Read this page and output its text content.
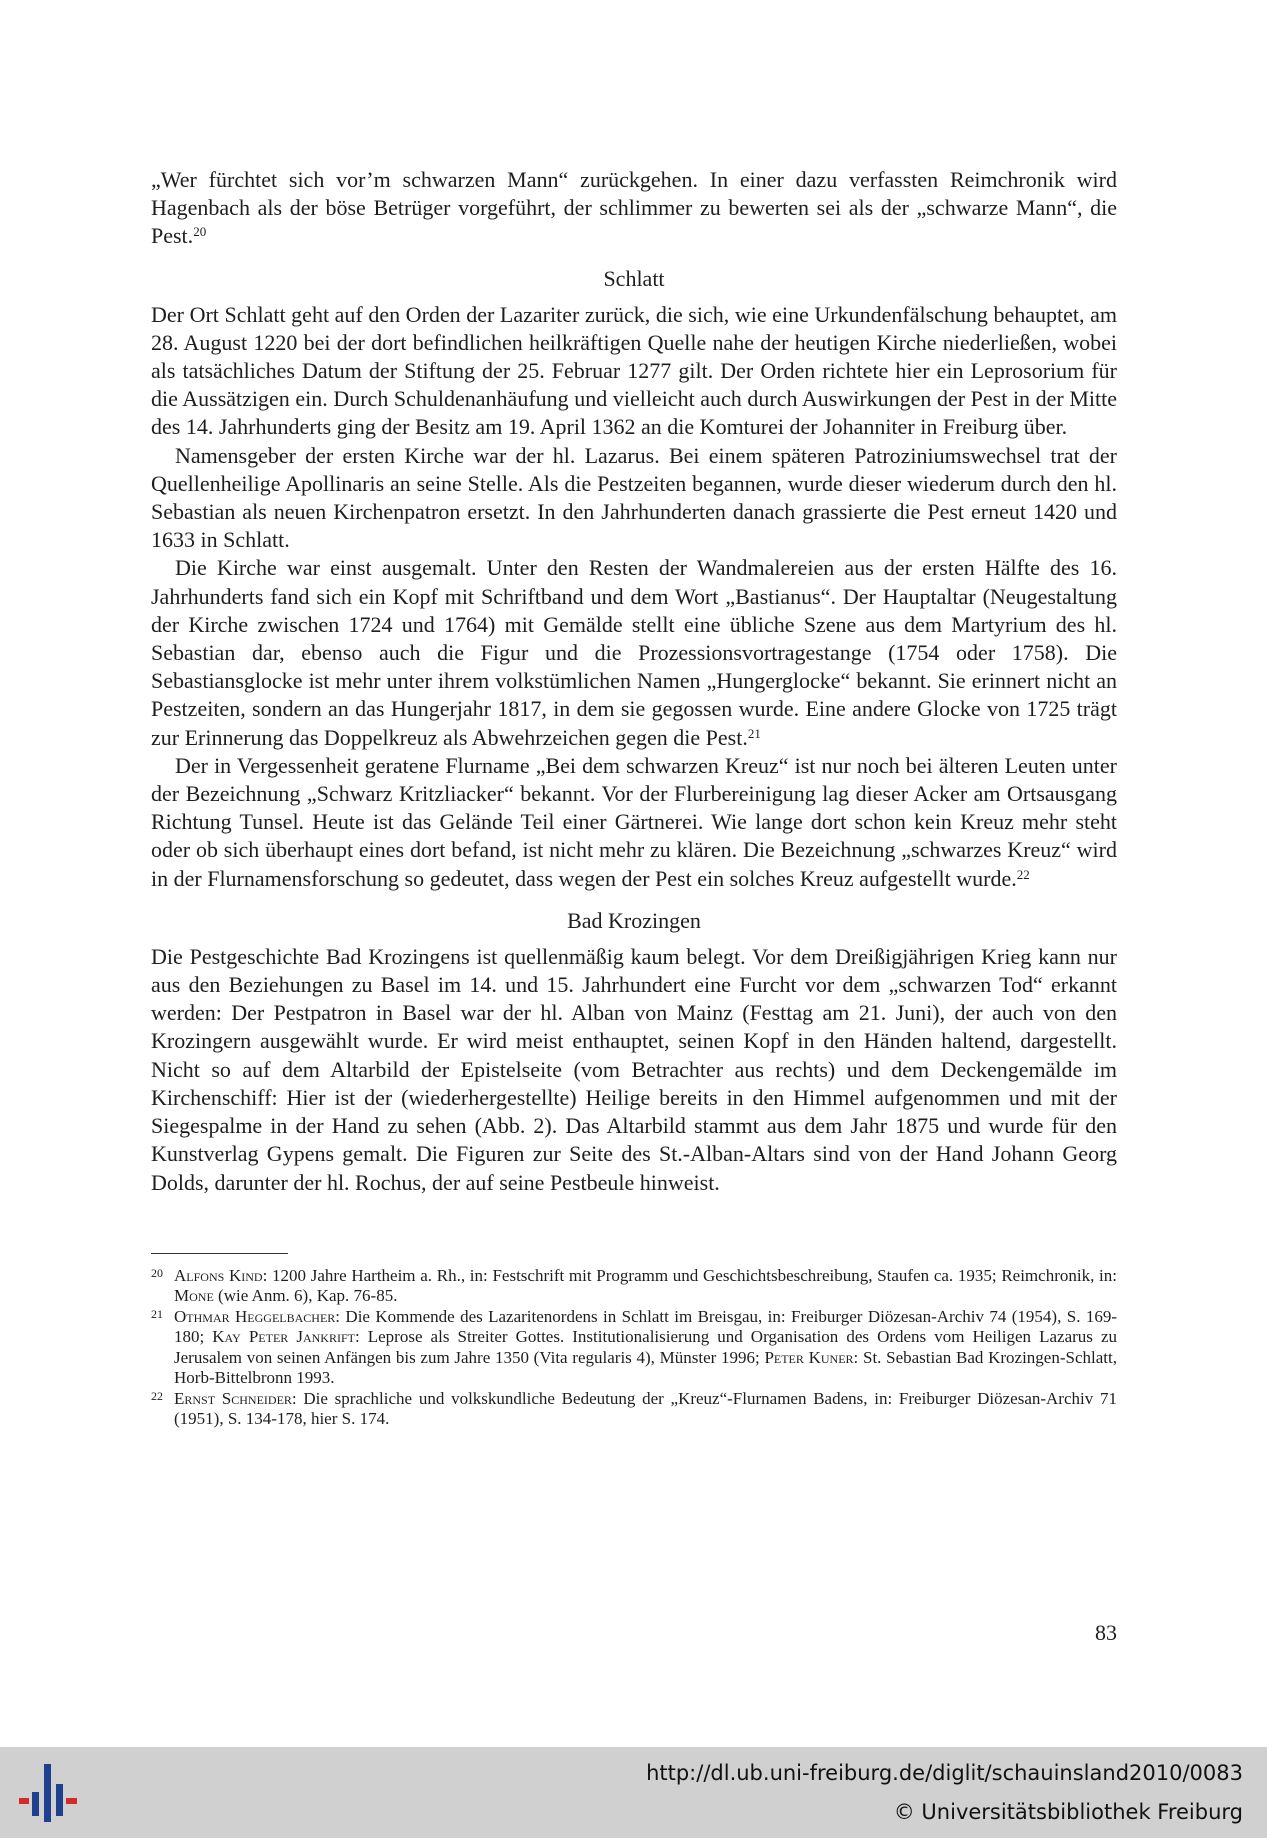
„Wer fürchtet sich vor’m schwarzen Mann“ zurückgehen. In einer dazu verfassten Reimchronik wird Hagenbach als der böse Betrüger vorgeführt, der schlimmer zu bewerten sei als der „schwarze Mann“, die Pest.$^{20}$

Schlatt

Der Ort Schlatt geht auf den Orden der Lazariter zurück, die sich, wie eine Urkundenfälschung behauptet, am 28. August 1220 bei der dort befindlichen heilkräftigen Quelle nahe der heutigen Kirche niederließen, wobei als tatsächliches Datum der Stiftung der 25. Februar 1277 gilt. Der Orden richtete hier ein Leprosorium für die Aussätzigen ein. Durch Schuldenanhäufung und vielleicht auch durch Auswirkungen der Pest in der Mitte des 14. Jahrhunderts ging der Besitz am 19. April 1362 an die Komturei der Johanniter in Freiburg über.

Namensgeber der ersten Kirche war der hl. Lazarus. Bei einem späteren Patroziniumswechsel trat der Quellenheilige Apollinaris an seine Stelle. Als die Pestzeiten begannen, wurde dieser wiederum durch den hl. Sebastian als neuen Kirchenpatron ersetzt. In den Jahrhunderten danach grassierte die Pest erneut 1420 und 1633 in Schlatt.

Die Kirche war einst ausgemalt. Unter den Resten der Wandmalereien aus der ersten Hälfte des 16. Jahrhunderts fand sich ein Kopf mit Schriftband und dem Wort „Bastianus“. Der Hauptaltar (Neugestaltung der Kirche zwischen 1724 und 1764) mit Gemälde stellt eine übliche Szene aus dem Martyrium des hl. Sebastian dar, ebenso auch die Figur und die Prozessionsvortragestange (1754 oder 1758). Die Sebastiansglocke ist mehr unter ihrem volkstümlichen Namen „Hungerglocke“ bekannt. Sie erinnert nicht an Pestzeiten, sondern an das Hungerjahr 1817, in dem sie gegossen wurde. Eine andere Glocke von 1725 trägt zur Erinnerung das Doppelkreuz als Abwehrzeichen gegen die Pest.$^{21}$

Der in Vergessenheit geratene Flurname „Bei dem schwarzen Kreuz“ ist nur noch bei älteren Leuten unter der Bezeichnung „Schwarz Kritzliacker“ bekannt. Vor der Flurbereinigung lag dieser Acker am Ortsausgang Richtung Tunsel. Heute ist das Gelände Teil einer Gärtnerei. Wie lange dort schon kein Kreuz mehr steht oder ob sich überhaupt eines dort befand, ist nicht mehr zu klären. Die Bezeichnung „schwarzes Kreuz“ wird in der Flurnamensforschung so gedeutet, dass wegen der Pest ein solches Kreuz aufgestellt wurde.$^{22}$

Bad Krozingen

Die Pestgeschichte Bad Krozingens ist quellenmäßig kaum belegt. Vor dem Dreißigjährigen Krieg kann nur aus den Beziehungen zu Basel im 14. und 15. Jahrhundert eine Furcht vor dem „schwarzen Tod“ erkannt werden: Der Pestpatron in Basel war der hl. Alban von Mainz (Festtag am 21. Juni), der auch von den Krozingern ausgewählt wurde. Er wird meist enthauptet, seinen Kopf in den Händen haltend, dargestellt. Nicht so auf dem Altarbild der Epistelseite (vom Betrachter aus rechts) und dem Deckengemälde im Kirchenschiff: Hier ist der (wiederhergestellte) Heilige bereits in den Himmel aufgenommen und mit der Siegespalme in der Hand zu sehen (Abb. 2). Das Altarbild stammt aus dem Jahr 1875 und wurde für den Kunstverlag Gypens gemalt. Die Figuren zur Seite des St.-Alban-Altars sind von der Hand Johann Georg Dolds, darunter der hl. Rochus, der auf seine Pestbeule hinweist.

20 Alfons Kind: 1200 Jahre Hartheim a. Rh., in: Festschrift mit Programm und Geschichtsbeschreibung, Staufen ca. 1935; Reimchronik, in: Mone (wie Anm. 6), Kap. 76-85.
21 Othmar Heggelbacher: Die Kommende des Lazaritenordens in Schlatt im Breisgau, in: Freiburger Diözesan-Archiv 74 (1954), S. 169-180; Kay Peter Jankrift: Leprose als Streiter Gottes. Institutionalisierung und Organisation des Ordens vom Heiligen Lazarus zu Jerusalem von seinen Anfängen bis zum Jahre 1350 (Vita regularis 4), Münster 1996; Peter Kuner: St. Sebastian Bad Krozingen-Schlatt, Horb-Bittelbronn 1993.
22 Ernst Schneider: Die sprachliche und volkskundliche Bedeutung der „Kreuz“-Flurnamen Badens, in: Freiburger Diözesan-Archiv 71 (1951), S. 134-178, hier S. 174.
83
http://dl.ub.uni-freiburg.de/diglit/schauinsland2010/0083
© Universitätsbibliothek Freiburg
